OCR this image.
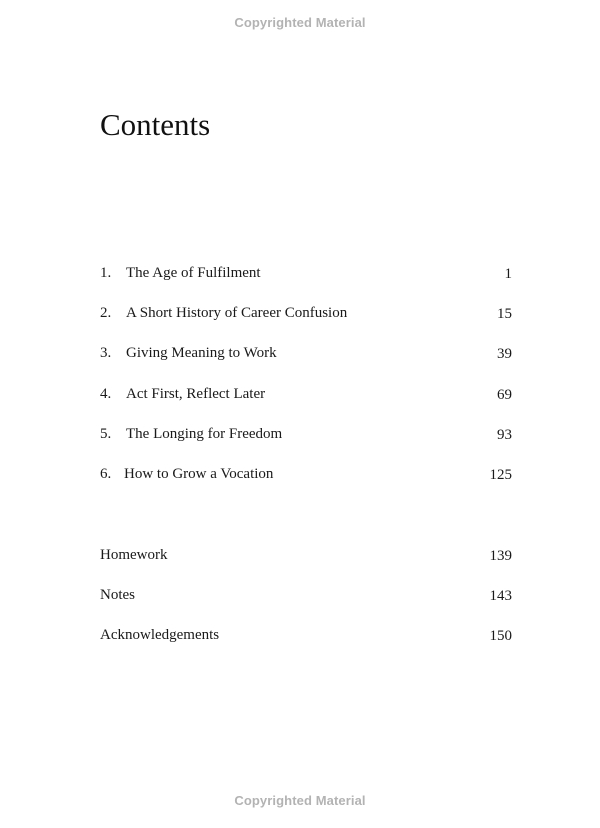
Copyrighted Material
Contents
1. The Age of Fulfilment	1
2. A Short History of Career Confusion	15
3. Giving Meaning to Work	39
4. Act First, Reflect Later	69
5. The Longing for Freedom	93
6. How to Grow a Vocation	125
Homework	139
Notes	143
Acknowledgements	150
Copyrighted Material
